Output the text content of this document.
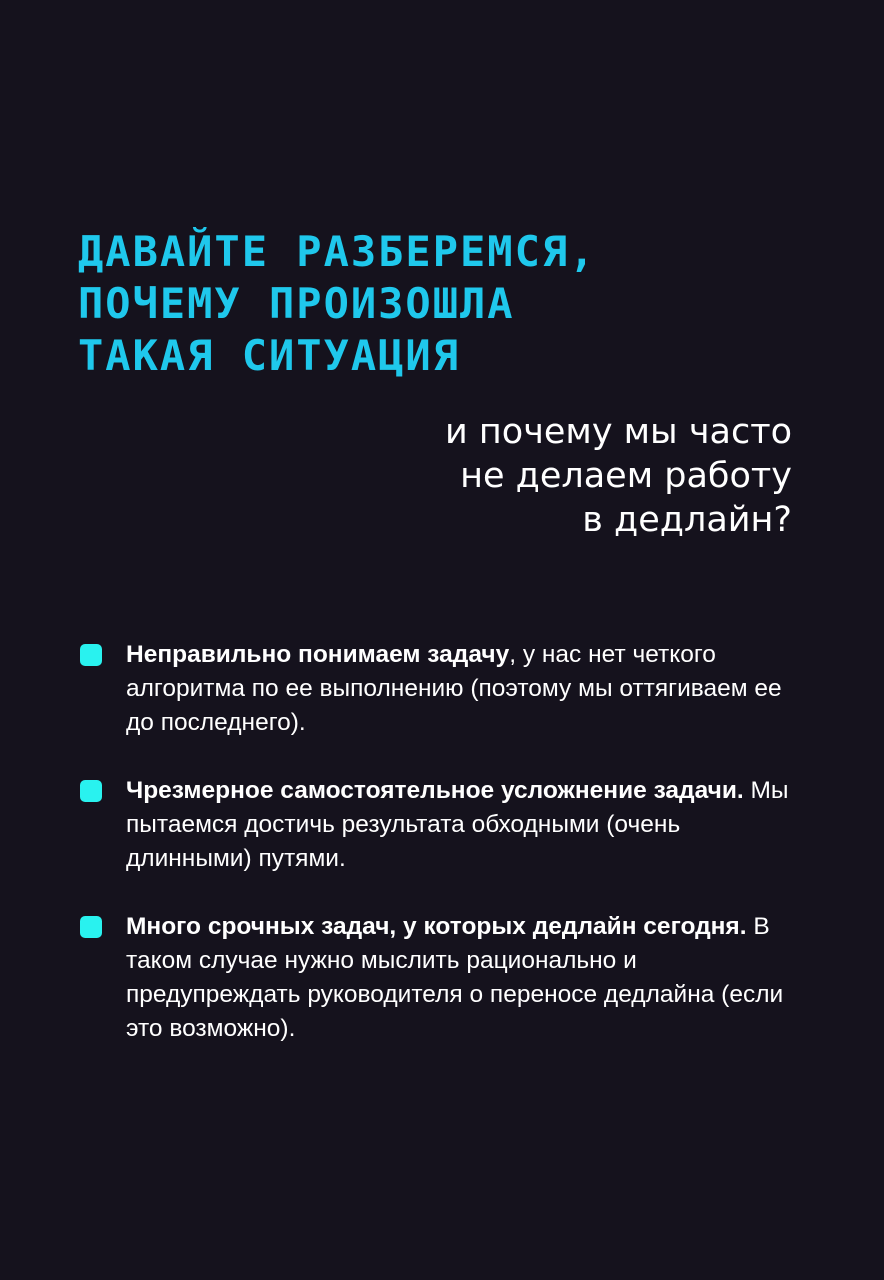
ДАВАЙТЕ РАЗБЕРЕМСЯ,
ПОЧЕМУ ПРОИЗОШЛА
ТАКАЯ СИТУАЦИЯ

и почему мы часто
не делаем работу
в дедлайн?

Неправильно понимаем задачу, у нас нет четкого алгоритма по ее выполнению (поэтому мы оттягиваем ее до последнего).
Чрезмерное самостоятельное усложнение задачи. Мы пытаемся достичь результата обходными (очень длинными) путями.
Много срочных задач, у которых дедлайн сегодня. В таком случае нужно мыслить рационально и предупреждать руководителя о переносе дедлайна (если это возможно).
